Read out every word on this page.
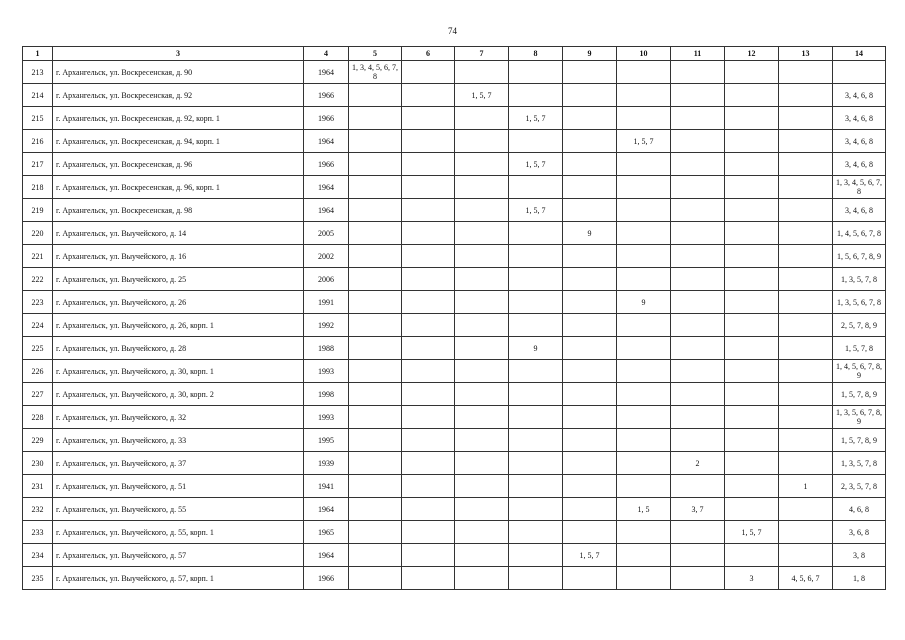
74
1	3	4	5	6	7	8	9	10	11	12	13	14
213	г. Архангельск, ул. Воскресенская, д. 90	1964	1, 3, 4, 5, 6, 7, 8									
214	г. Архангельск, ул. Воскресенская, д. 92	1966			1, 5, 7							3, 4, 6, 8
215	г. Архангельск, ул. Воскресенская, д. 92, корп. 1	1966				1, 5, 7						3, 4, 6, 8
216	г. Архангельск, ул. Воскресенская, д. 94, корп. 1	1964						1, 5, 7				3, 4, 6, 8
217	г. Архангельск, ул. Воскресенская, д. 96	1966				1, 5, 7						3, 4, 6, 8
218	г. Архангельск, ул. Воскресенская, д. 96, корп. 1	1964										1, 3, 4, 5, 6, 7, 8
219	г. Архангельск, ул. Воскресенская, д. 98	1964				1, 5, 7						3, 4, 6, 8
220	г. Архангельск, ул. Выучейского, д. 14	2005					9					1, 4, 5, 6, 7, 8
221	г. Архангельск, ул. Выучейского, д. 16	2002										1, 5, 6, 7, 8, 9
222	г. Архангельск, ул. Выучейского, д. 25	2006										1, 3, 5, 7, 8
223	г. Архангельск, ул. Выучейского, д. 26	1991						9				1, 3, 5, 6, 7, 8
224	г. Архангельск, ул. Выучейского, д. 26, корп. 1	1992										2, 5, 7, 8, 9
225	г. Архангельск, ул. Выучейского, д. 28	1988				9						1, 5, 7, 8
226	г. Архангельск, ул. Выучейского, д. 30, корп. 1	1993										1, 4, 5, 6, 7, 8, 9
227	г. Архангельск, ул. Выучейского, д. 30, корп. 2	1998										1, 5, 7, 8, 9
228	г. Архангельск, ул. Выучейского, д. 32	1993										1, 3, 5, 6, 7, 8, 9
229	г. Архангельск, ул. Выучейского, д. 33	1995										1, 5, 7, 8, 9
230	г. Архангельск, ул. Выучейского, д. 37	1939							2			1, 3, 5, 7, 8
231	г. Архангельск, ул. Выучейского, д. 51	1941									1	2, 3, 5, 7, 8
232	г. Архангельск, ул. Выучейского, д. 55	1964						1, 5	3, 7			4, 6, 8
233	г. Архангельск, ул. Выучейского, д. 55, корп. 1	1965								1, 5, 7		3, 6, 8
234	г. Архангельск, ул. Выучейского, д. 57	1964					1, 5, 7					3, 8
235	г. Архангельск, ул. Выучейского, д. 57, корп. 1	1966								3	4, 5, 6, 7	1, 8
